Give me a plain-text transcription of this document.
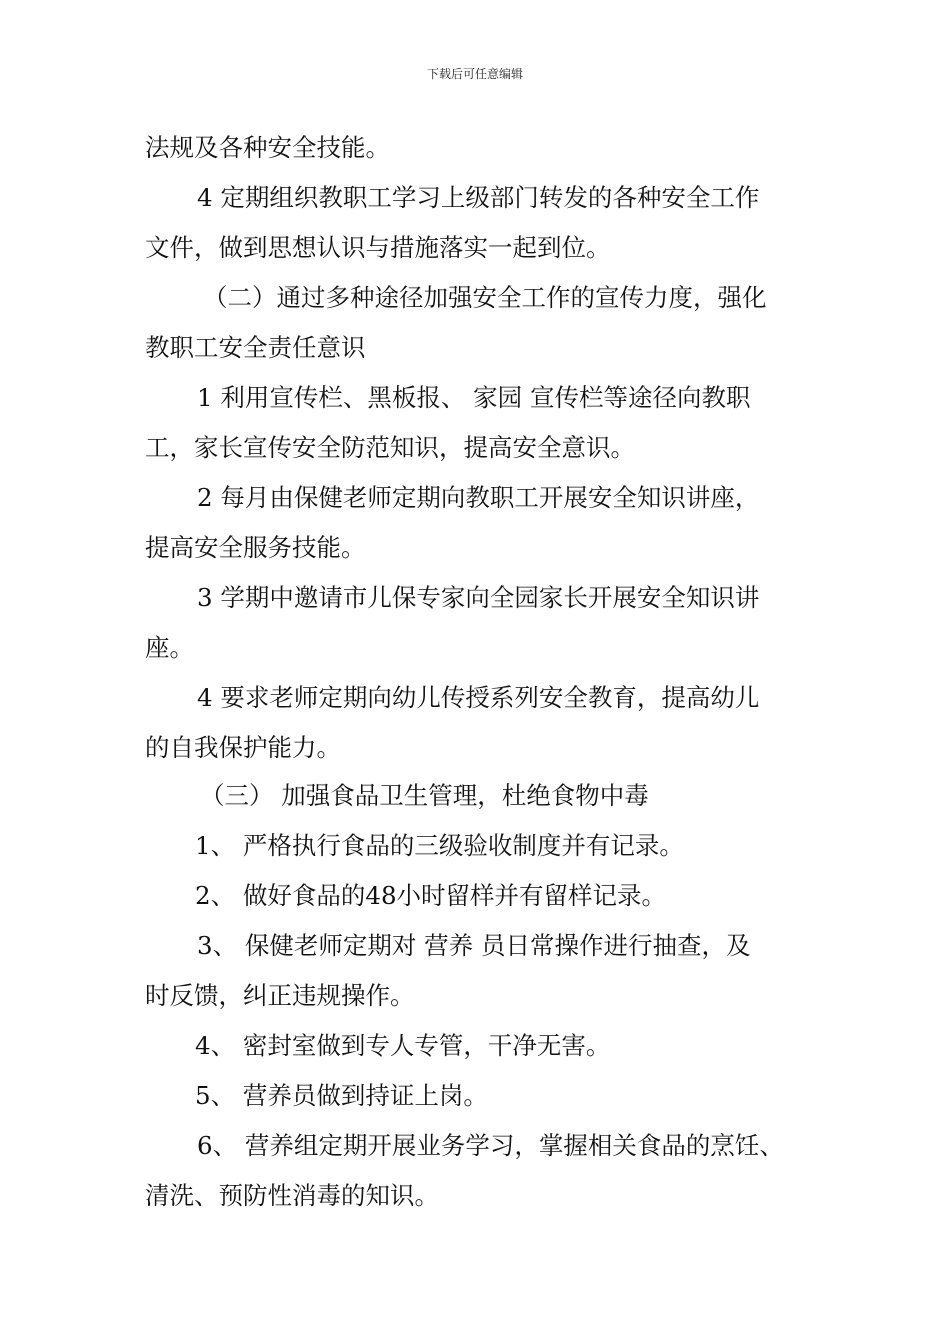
下载后可任意编辑
法规及各种安全技能。
4 定期组织教职工学习上级部门转发的各种安全工作
文件，做到思想认识与措施落实一起到位。
（二）通过多种途径加强安全工作的宣传力度，强化
教职工安全责任意识
1 利用宣传栏、黑板报、 家园 宣传栏等途径向教职
工，家长宣传安全防范知识，提高安全意识。
2 每月由保健老师定期向教职工开展安全知识讲座，
提高安全服务技能。
3 学期中邀请市儿保专家向全园家长开展安全知识讲
座。
4 要求老师定期向幼儿传授系列安全教育，提高幼儿
的自我保护能力。
（三） 加强食品卫生管理，杜绝食物中毒
1、 严格执行食品的三级验收制度并有记录。
2、 做好食品的48小时留样并有留样记录。
3、 保健老师定期对 营养 员日常操作进行抽查，及
时反馈，纠正违规操作。
4、 密封室做到专人专管，干净无害。
5、 营养员做到持证上岗。
6、 营养组定期开展业务学习，掌握相关食品的烹饪、
清洗、预防性消毒的知识。
